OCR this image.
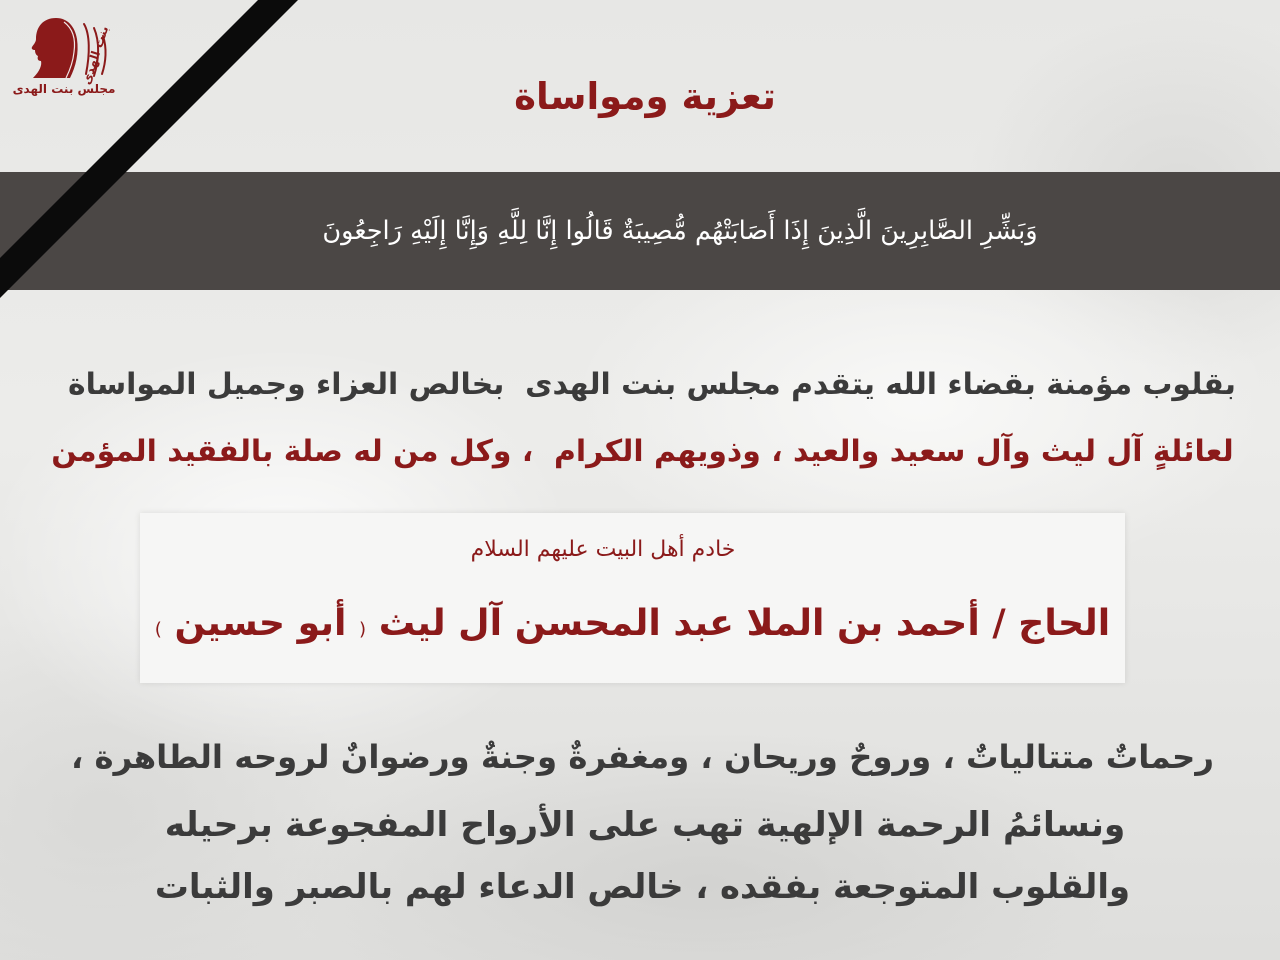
بنت الهدى
مجلس بنت الهدى	تعزية ومواساة
وَبَشِّرِ الصَّابِرِينَ الَّذِينَ إِذَا أَصَابَتْهُم مُّصِيبَةٌ قَالُوا إِنَّا لِلَّهِ وَإِنَّا إِلَيْهِ رَاجِعُونَ
بقلوب مؤمنة بقضاء الله يتقدم مجلس بنت الهدى  بخالص العزاء وجميل المواساة
لعائلةٍ آل ليث وآل سعيد والعيد ، وذويهم الكرام  ، وكل من له صلة بالفقيد المؤمن
خادم أهل البيت عليهم السلام
الحاج / أحمد بن الملا عبد المحسن آل ليث ( أبو حسين )
رحماتٌ متتالياتٌ ، وروحٌ وريحان ، ومغفرةٌ وجنةٌ ورضوانٌ لروحه الطاهرة ،
ونسائمُ الرحمة الإلهية تهب على الأرواح المفجوعة برحيله
والقلوب المتوجعة بفقده ، خالص الدعاء لهم بالصبر والثبات
